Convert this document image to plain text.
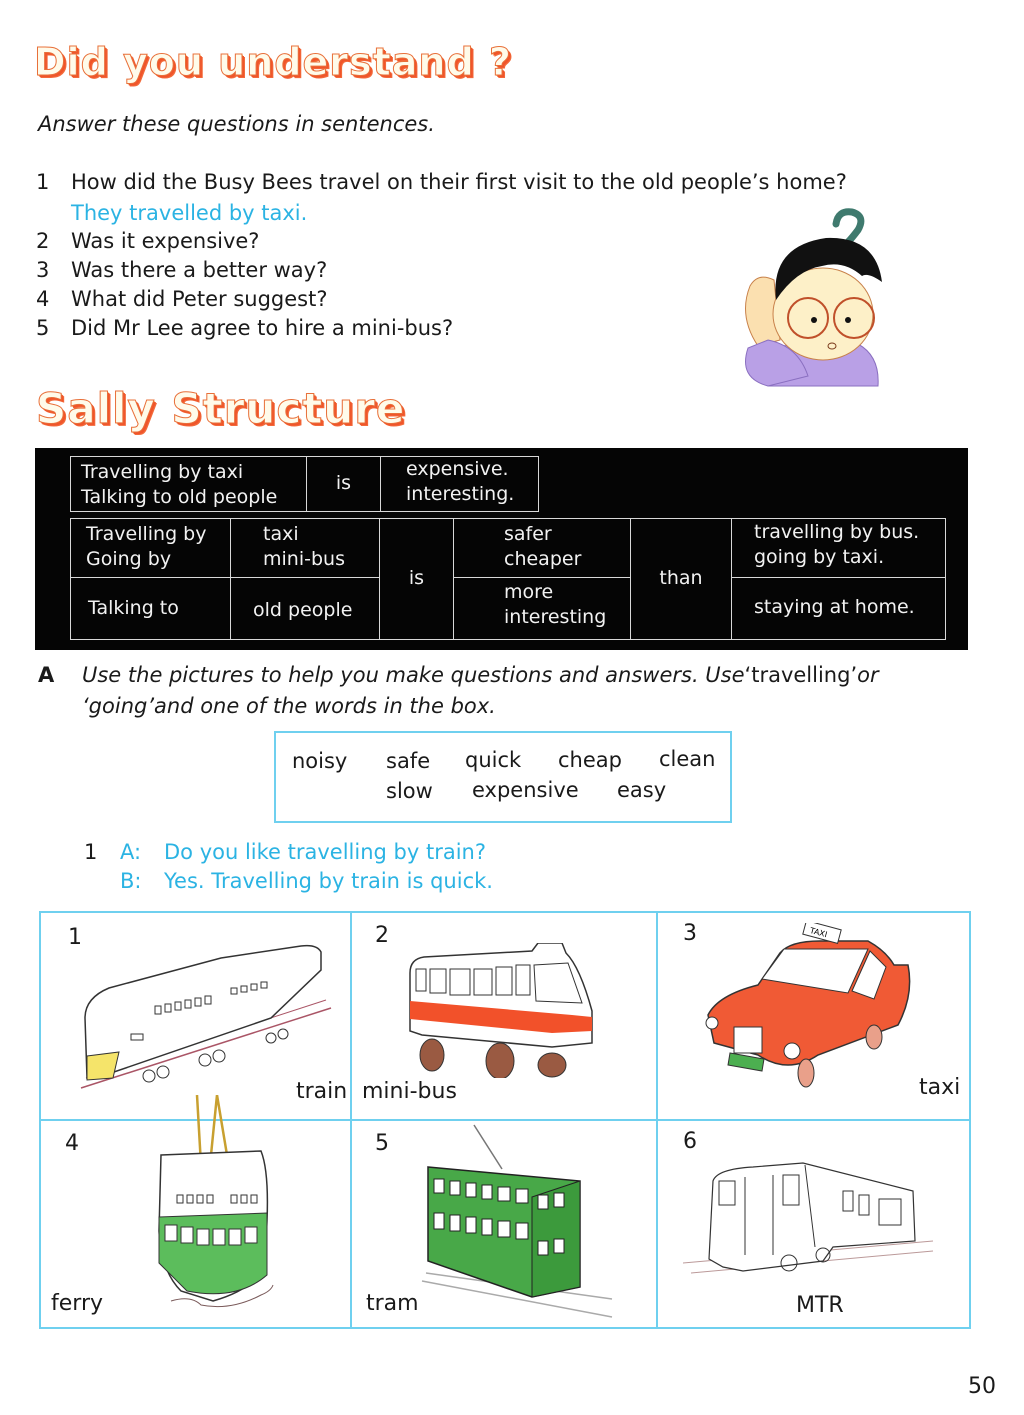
Did you understand ?
Answer these questions in sentences.
1 How did the Busy Bees travel on their first visit to the old people’s home?
They travelled by taxi.
2 Was it expensive?
3 Was there a better way?
4 What did Peter suggest?
5 Did Mr Lee agree to hire a mini-bus?
Sally Structure
Travelling by taxi
Talking to old people
is
expensive.
interesting.
Travelling by
Going by
taxi
mini-bus
Talking to	old people
is
safer
cheaper
more
interesting
than
travelling by bus.
going by taxi.
staying at home.
A Use the pictures to help you make questions and answers. Use‘travelling’or
‘going’and one of the words in the box.
noisy safe quick cheap clean
slow expensive easy
1 A: Do you like travelling by train?
B: Yes. Travelling by train is quick.
1
train
2
mini-bus
3	TAXI
taxi
4
ferry
5
tram
6
MTR
50
